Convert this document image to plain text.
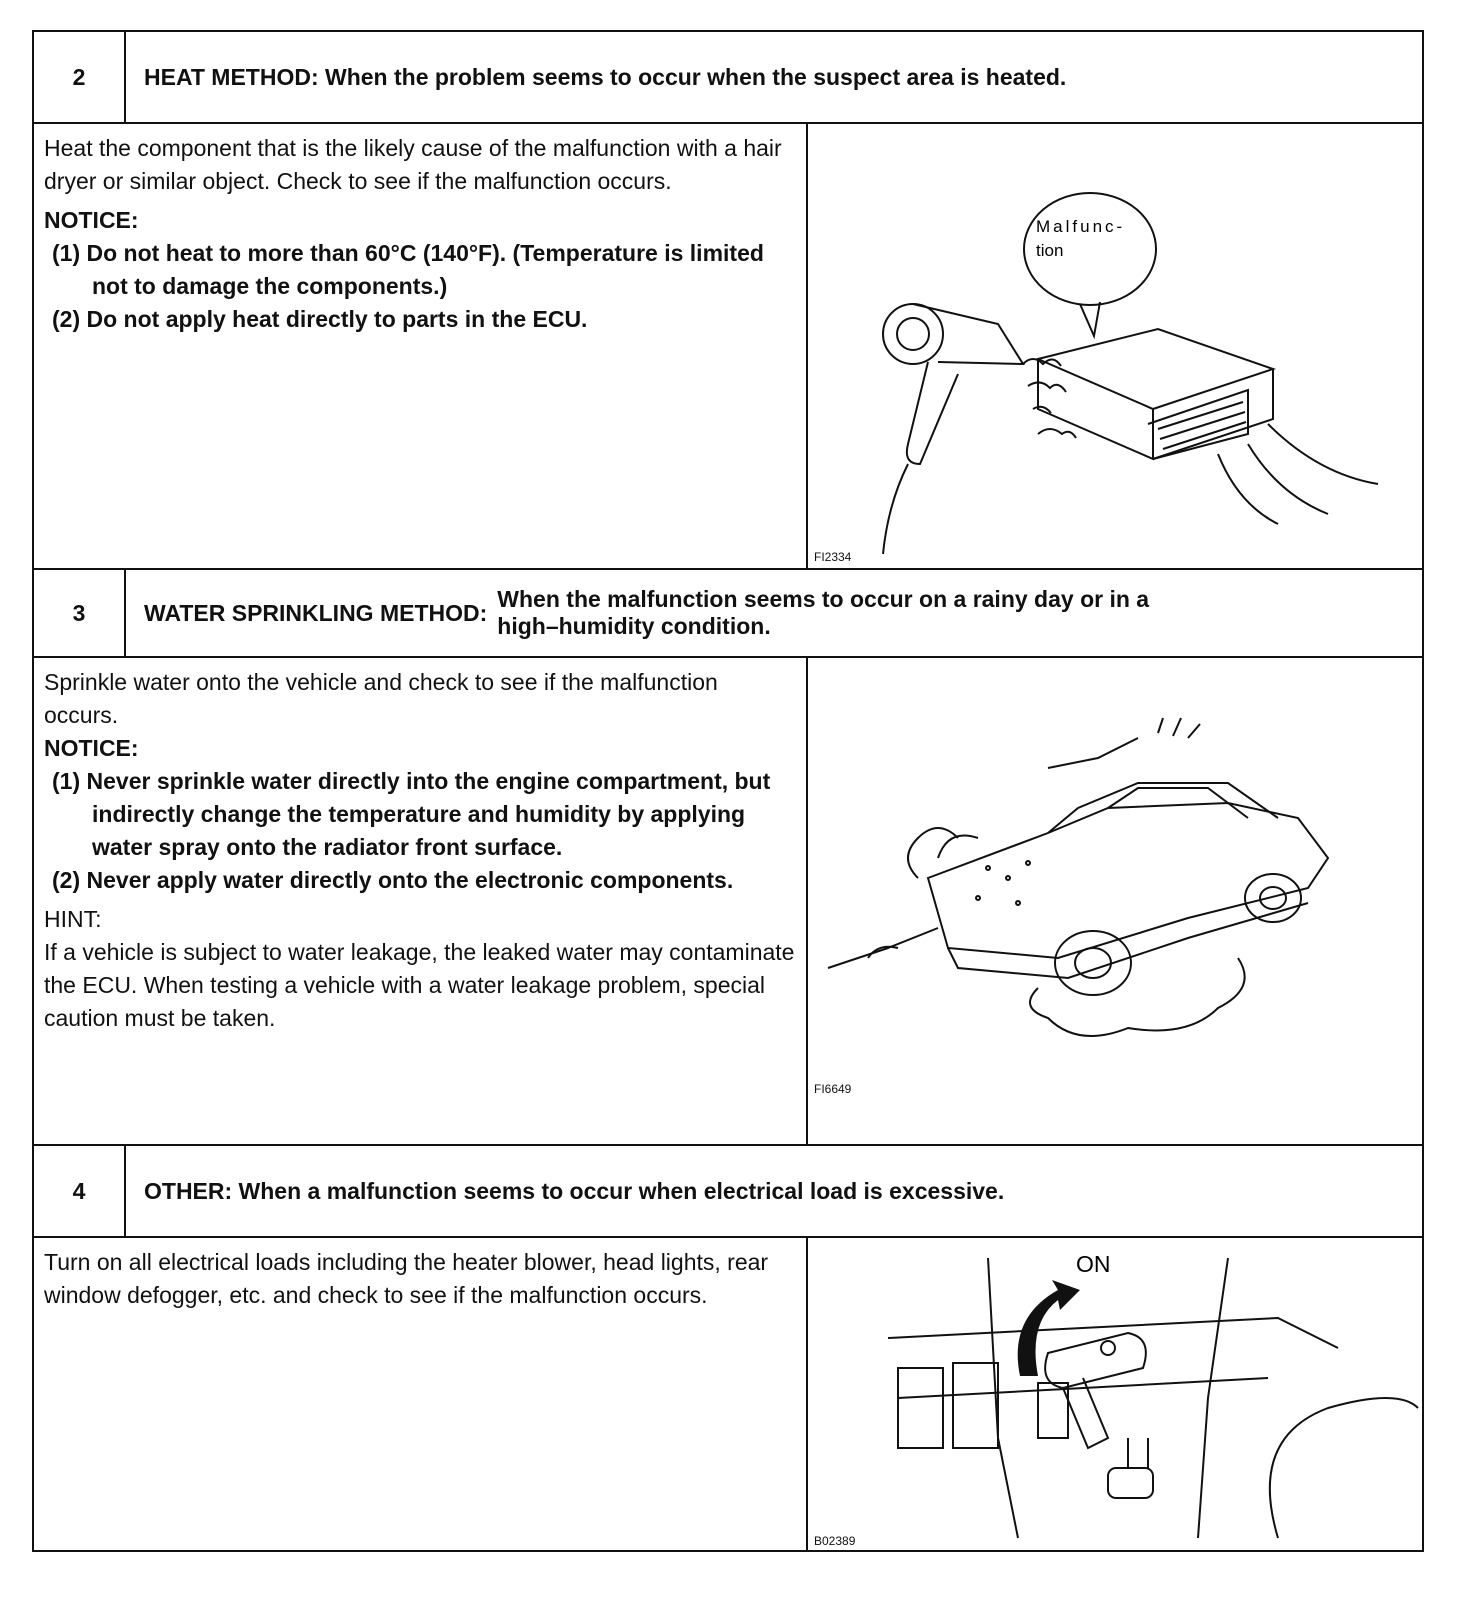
2	HEAT METHOD: When the problem seems to occur when the suspect area is heated.

Heat the component that is the likely cause of the malfunction with a hair dryer or similar object. Check to see if the malfunction occurs.

NOTICE:
(1) Do not heat to more than 60°C (140°F). (Temperature is limited not to damage the components.)
(2) Do not apply heat directly to parts in the ECU.
Malfunc-
tion
FI2334
3	WATER SPRINKLING METHOD:
When the malfunction seems to occur on a rainy day or in a
high–humidity condition.

Sprinkle water onto the vehicle and check to see if the malfunction occurs.

NOTICE:
(1) Never sprinkle water directly into the engine compartment, but indirectly change the temperature and humidity by applying water spray onto the radiator front surface.
(2) Never apply water directly onto the electronic components.
HINT:

If a vehicle is subject to water leakage, the leaked water may contaminate the ECU. When testing a vehicle with a water leakage problem, special caution must be taken.

FI6649
4	OTHER: When a malfunction seems to occur when electrical load is excessive.

Turn on all electrical loads including the heater blower, head lights, rear window defogger, etc. and check to see if the malfunction occurs.

ON
B02389
